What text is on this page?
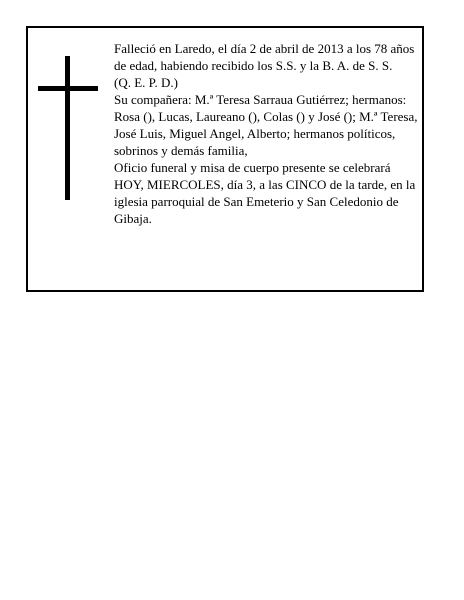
Falleció en Laredo, el día 2 de abril de 2013 a los 78 años de edad, habiendo recibido los S.S. y la B. A. de S. S.

(Q. E. P. D.)

Su compañera: M.ª Teresa Sarraua Gutiérrez; hermanos: Rosa (), Lucas, Laureano (), Colas () y José (); M.ª Teresa, José Luis, Miguel Angel, Alberto; hermanos políticos, sobrinos y demás familia,

Oficio funeral y misa de cuerpo presente se celebrará HOY, MIERCOLES, día 3, a las CINCO de la tarde, en la iglesia parroquial de San Emeterio y San Celedonio de Gibaja.
